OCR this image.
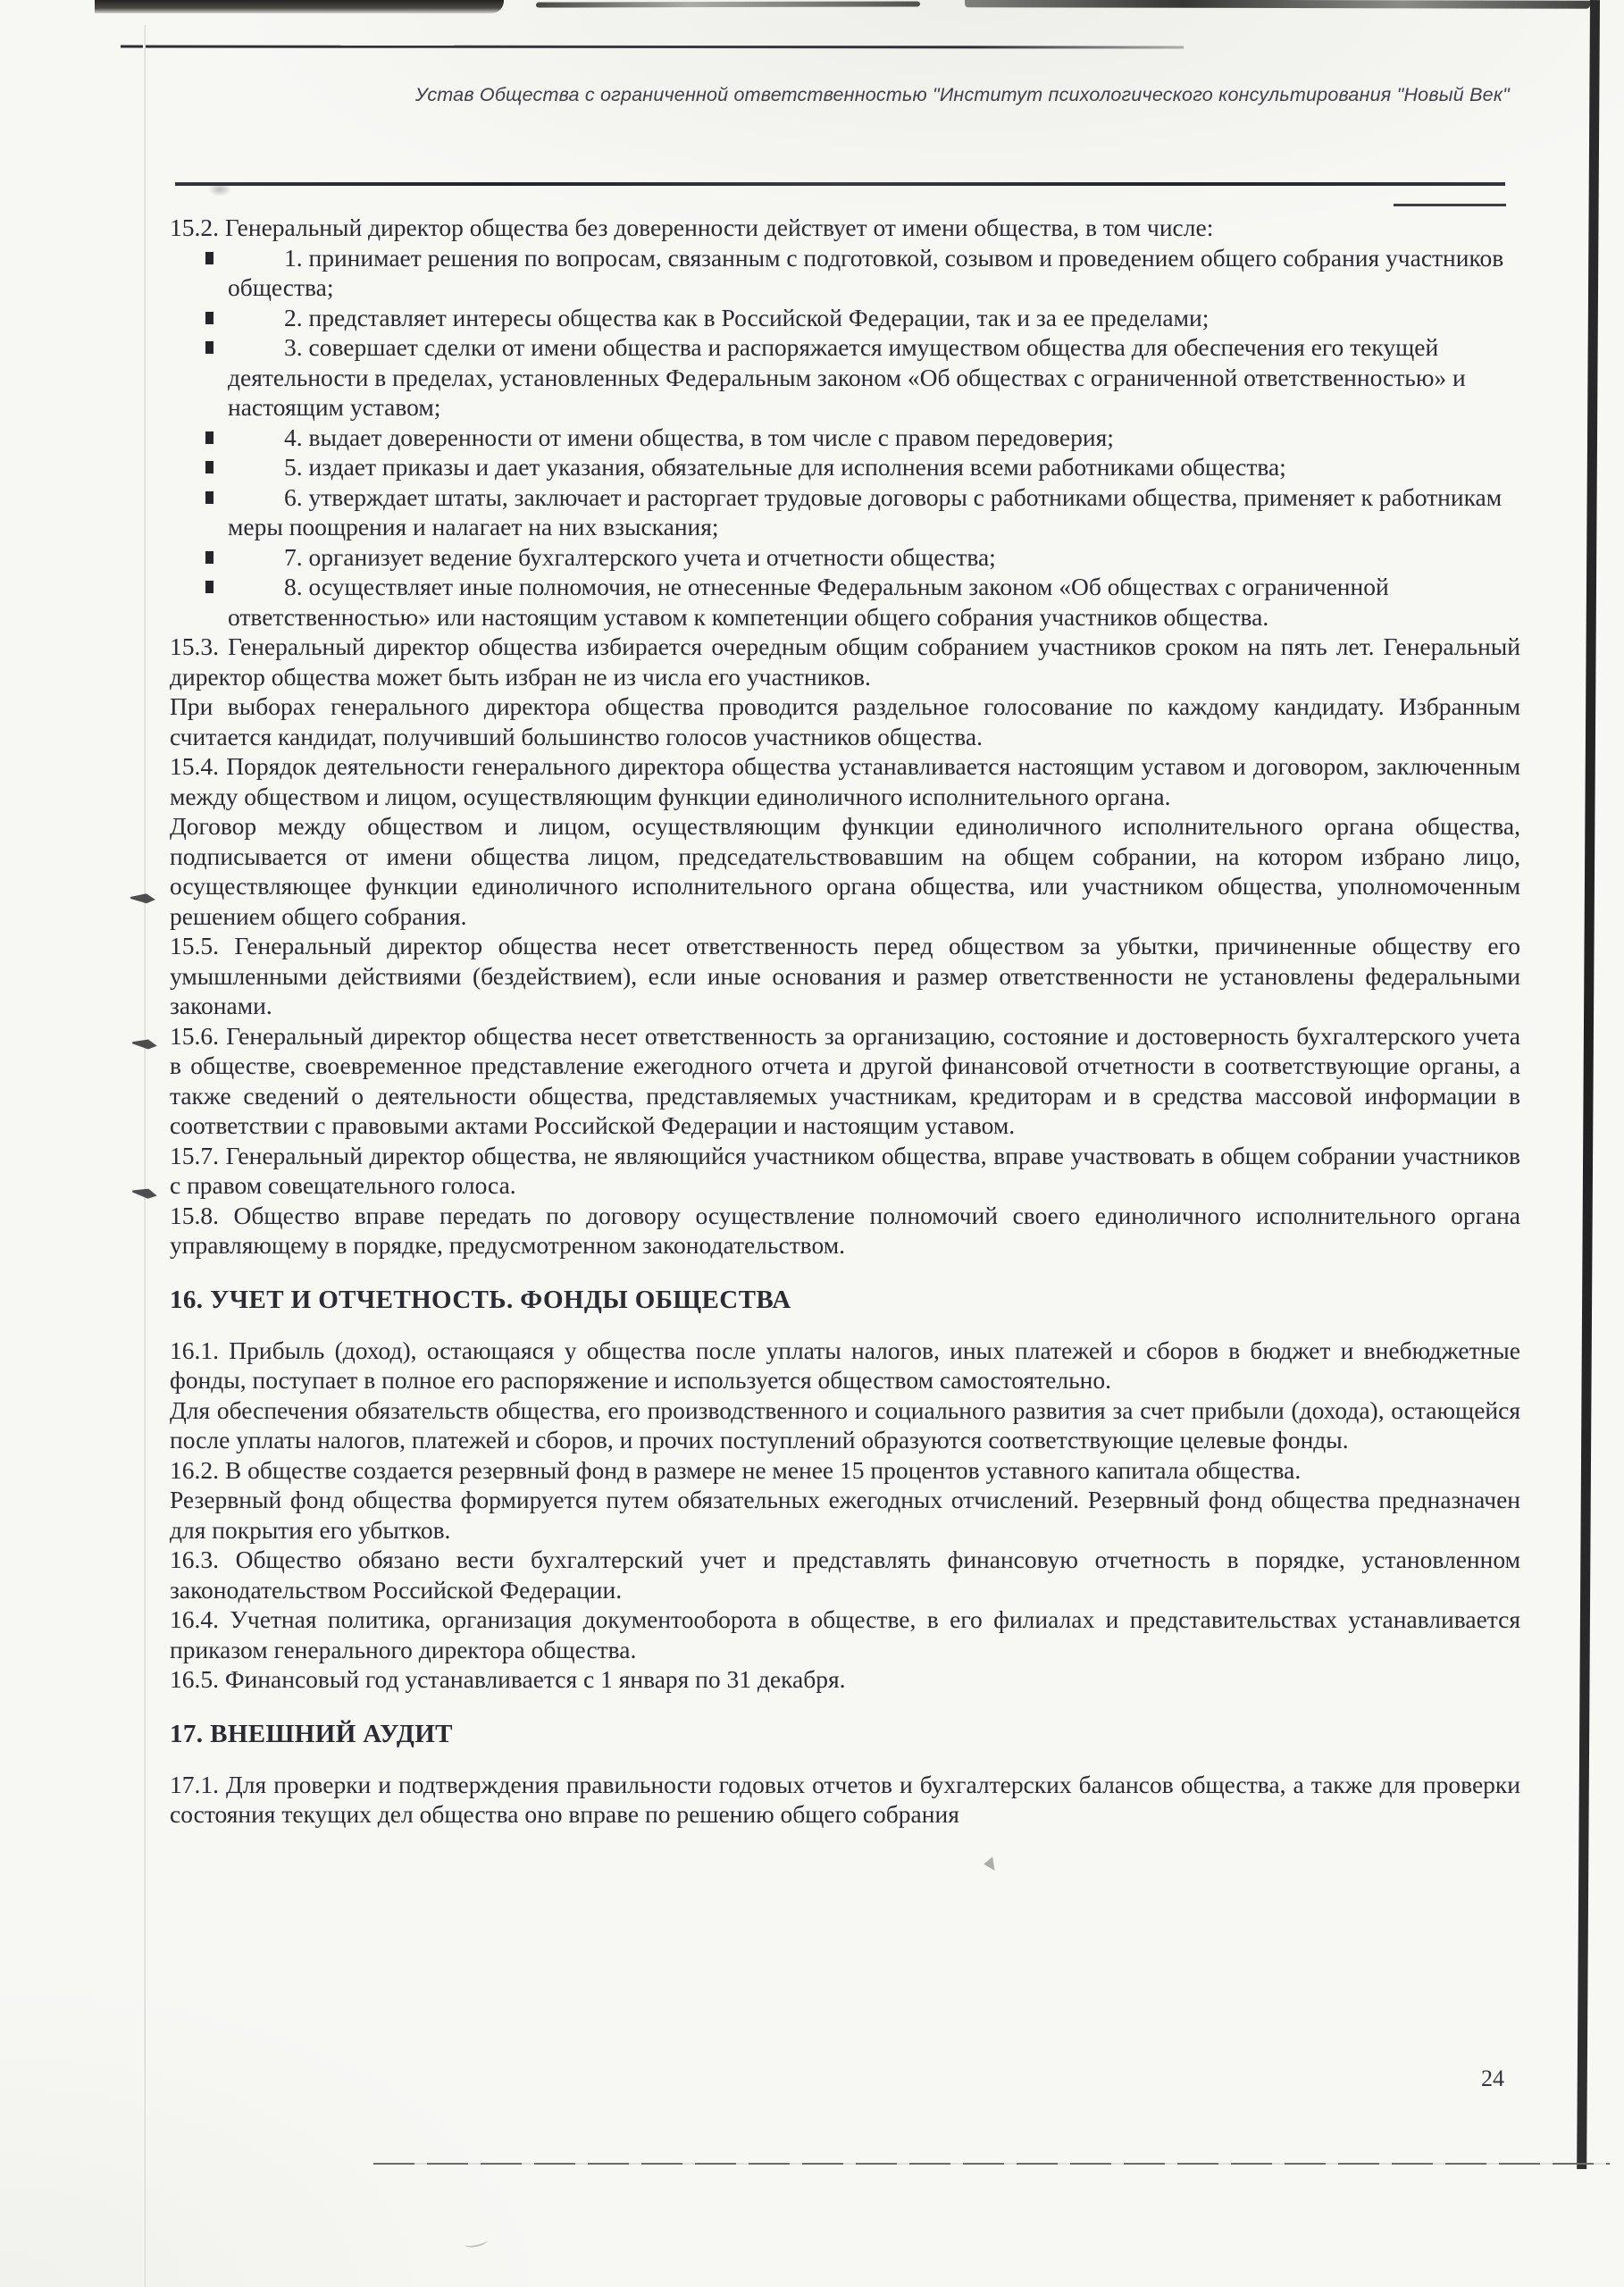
Устав Общества с ограниченной ответственностью "Институт психологического консультирования "Новый Век"
15.2. Генеральный директор общества без доверенности действует от имени общества, в том числе:
1. принимает решения по вопросам, связанным с подготовкой, созывом и проведением общего собрания участников общества;
2. представляет интересы общества как в Российской Федерации, так и за ее пределами;
3. совершает сделки от имени общества и распоряжается имуществом общества для обеспечения его текущей деятельности в пределах, установленных Федеральным законом «Об обществах с ограниченной ответственностью» и настоящим уставом;
4. выдает доверенности от имени общества, в том числе с правом передоверия;
5. издает приказы и дает указания, обязательные для исполнения всеми работниками общества;
6. утверждает штаты, заключает и расторгает трудовые договоры с работниками общества, применяет к работникам меры поощрения и налагает на них взыскания;
7. организует ведение бухгалтерского учета и отчетности общества;
8. осуществляет иные полномочия, не отнесенные Федеральным законом «Об обществах с ограниченной ответственностью» или настоящим уставом к компетенции общего собрания участников общества.
15.3. Генеральный директор общества избирается очередным общим собранием участников сроком на пять лет. Генеральный директор общества может быть избран не из числа его участников.
При выборах генерального директора общества проводится раздельное голосование по каждому кандидату. Избранным считается кандидат, получивший большинство голосов участников общества.
15.4. Порядок деятельности генерального директора общества устанавливается настоящим уставом и договором, заключенным между обществом и лицом, осуществляющим функции единоличного исполнительного органа.
Договор между обществом и лицом, осуществляющим функции единоличного исполнительного органа общества, подписывается от имени общества лицом, председательствовавшим на общем собрании, на котором избрано лицо, осуществляющее функции единоличного исполнительного органа общества, или участником общества, уполномоченным решением общего собрания.
15.5. Генеральный директор общества несет ответственность перед обществом за убытки, причиненные обществу его умышленными действиями (бездействием), если иные основания и размер ответственности не установлены федеральными законами.
15.6. Генеральный директор общества несет ответственность за организацию, состояние и достоверность бухгалтерского учета в обществе, своевременное представление ежегодного отчета и другой финансовой отчетности в соответствующие органы, а также сведений о деятельности общества, представляемых участникам, кредиторам и в средства массовой информации в соответствии с правовыми актами Российской Федерации и настоящим уставом.
15.7. Генеральный директор общества, не являющийся участником общества, вправе участвовать в общем собрании участников с правом совещательного голоса.
15.8. Общество вправе передать по договору осуществление полномочий своего единоличного исполнительного органа управляющему в порядке, предусмотренном законодательством.
16. УЧЕТ И ОТЧЕТНОСТЬ. ФОНДЫ ОБЩЕСТВА
16.1. Прибыль (доход), остающаяся у общества после уплаты налогов, иных платежей и сборов в бюджет и внебюджетные фонды, поступает в полное его распоряжение и используется обществом самостоятельно.
Для обеспечения обязательств общества, его производственного и социального развития за счет прибыли (дохода), остающейся после уплаты налогов, платежей и сборов, и прочих поступлений образуются соответствующие целевые фонды.
16.2. В обществе создается резервный фонд в размере не менее 15 процентов уставного капитала общества.
Резервный фонд общества формируется путем обязательных ежегодных отчислений. Резервный фонд общества предназначен для покрытия его убытков.
16.3. Общество обязано вести бухгалтерский учет и представлять финансовую отчетность в порядке, установленном законодательством Российской Федерации.
16.4. Учетная политика, организация документооборота в обществе, в его филиалах и представительствах устанавливается приказом генерального директора общества.
16.5. Финансовый год устанавливается с 1 января по 31 декабря.
17. ВНЕШНИЙ АУДИТ
17.1. Для проверки и подтверждения правильности годовых отчетов и бухгалтерских балансов общества, а также для проверки состояния текущих дел общества оно вправе по решению общего собрания
24
